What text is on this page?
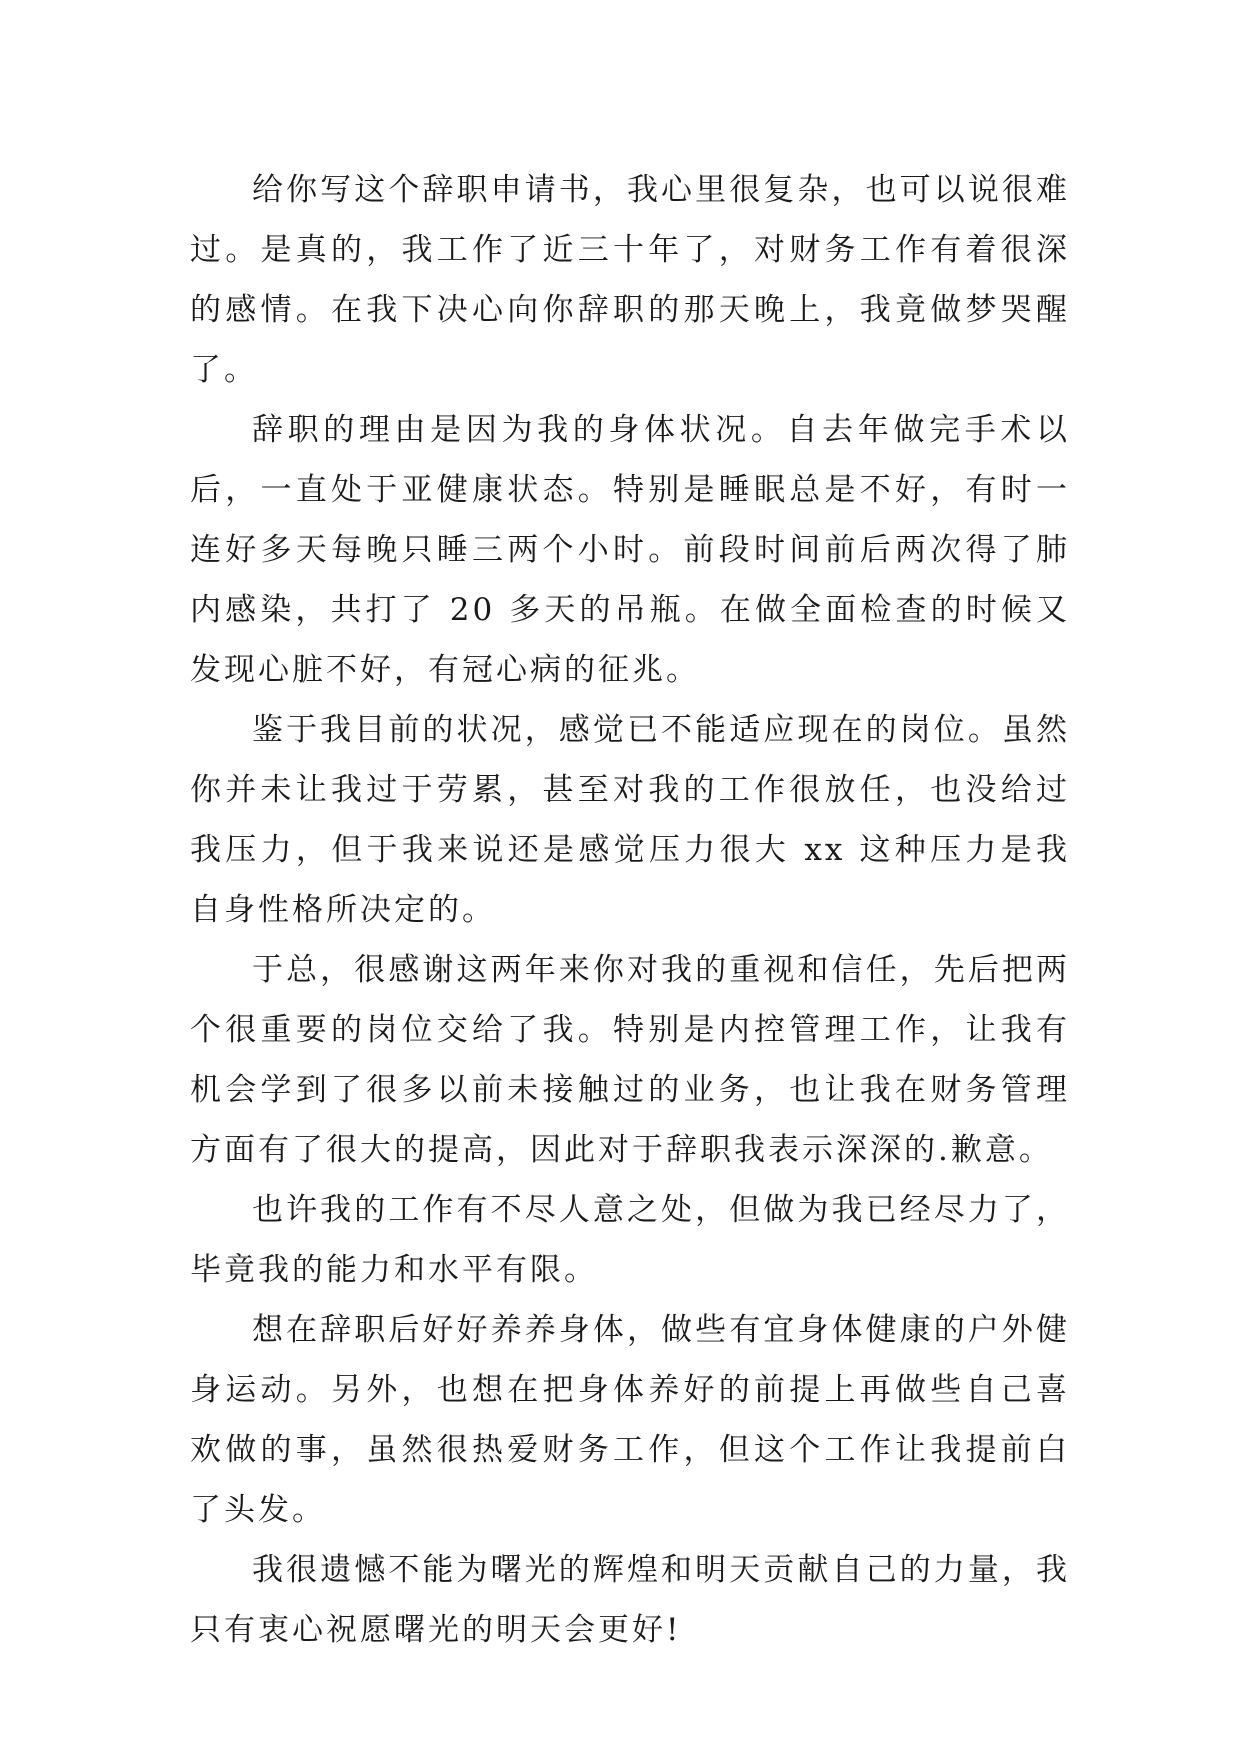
给你写这个辞职申请书，我心里很复杂，也可以说很难过。是真的，我工作了近三十年了，对财务工作有着很深的感情。在我下决心向你辞职的那天晚上，我竟做梦哭醒了。

辞职的理由是因为我的身体状况。自去年做完手术以后，一直处于亚健康状态。特别是睡眠总是不好，有时一连好多天每晚只睡三两个小时。前段时间前后两次得了肺内感染，共打了 20 多天的吊瓶。在做全面检查的时候又发现心脏不好，有冠心病的征兆。

鉴于我目前的状况，感觉已不能适应现在的岗位。虽然你并未让我过于劳累，甚至对我的工作很放任，也没给过我压力，但于我来说还是感觉压力很大 xx 这种压力是我自身性格所决定的。

于总，很感谢这两年来你对我的重视和信任，先后把两个很重要的岗位交给了我。特别是内控管理工作，让我有机会学到了很多以前未接触过的业务，也让我在财务管理方面有了很大的提高，因此对于辞职我表示深深的.歉意。

也许我的工作有不尽人意之处，但做为我已经尽力了，毕竟我的能力和水平有限。

想在辞职后好好养养身体，做些有宜身体健康的户外健身运动。另外，也想在把身体养好的前提上再做些自己喜欢做的事，虽然很热爱财务工作，但这个工作让我提前白了头发。

我很遗憾不能为曙光的辉煌和明天贡献自己的力量，我只有衷心祝愿曙光的明天会更好!
